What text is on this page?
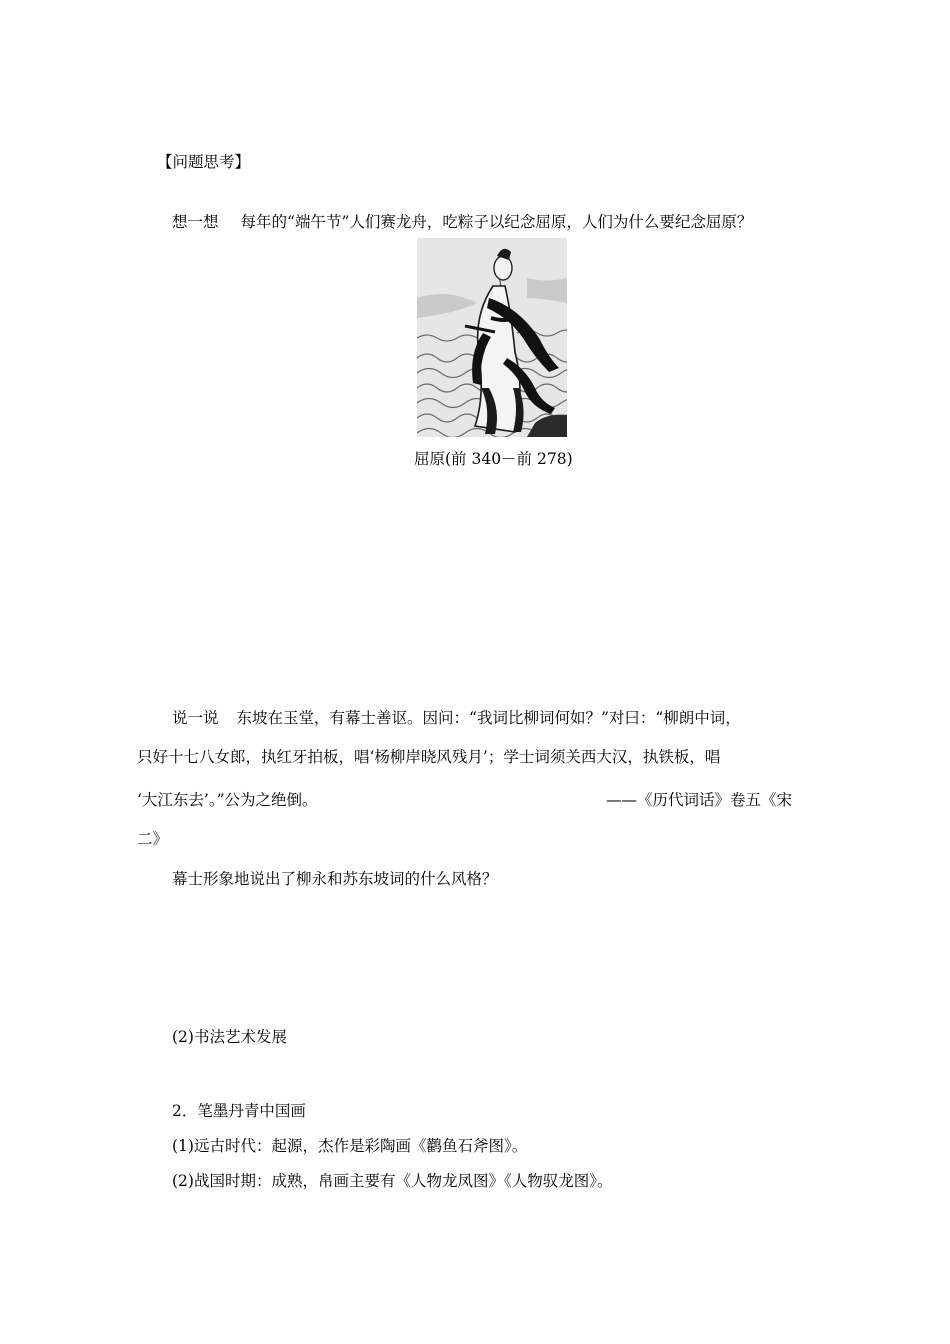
【问题思考】
想一想 每年的“端午节”人们赛龙舟，吃粽子以纪念屈原，人们为什么要纪念屈原？
屈原(前 340－前 278)
说一说 东坡在玉堂，有幕士善讴。因问：“我词比柳词何如？”对曰：“柳朗中词，
只好十七八女郎，执红牙拍板，唱‘杨柳岸晓风残月’；学士词须关西大汉，执铁板，唱
‘大江东去’。”公为之绝倒。	——《历代词话》卷五《宋
二》
幕士形象地说出了柳永和苏东坡词的什么风格？
(2)书法艺术发展
2．笔墨丹青中国画
(1)远古时代：起源，杰作是彩陶画《鹳鱼石斧图》。
(2)战国时期：成熟，帛画主要有《人物龙凤图》《人物驭龙图》。
